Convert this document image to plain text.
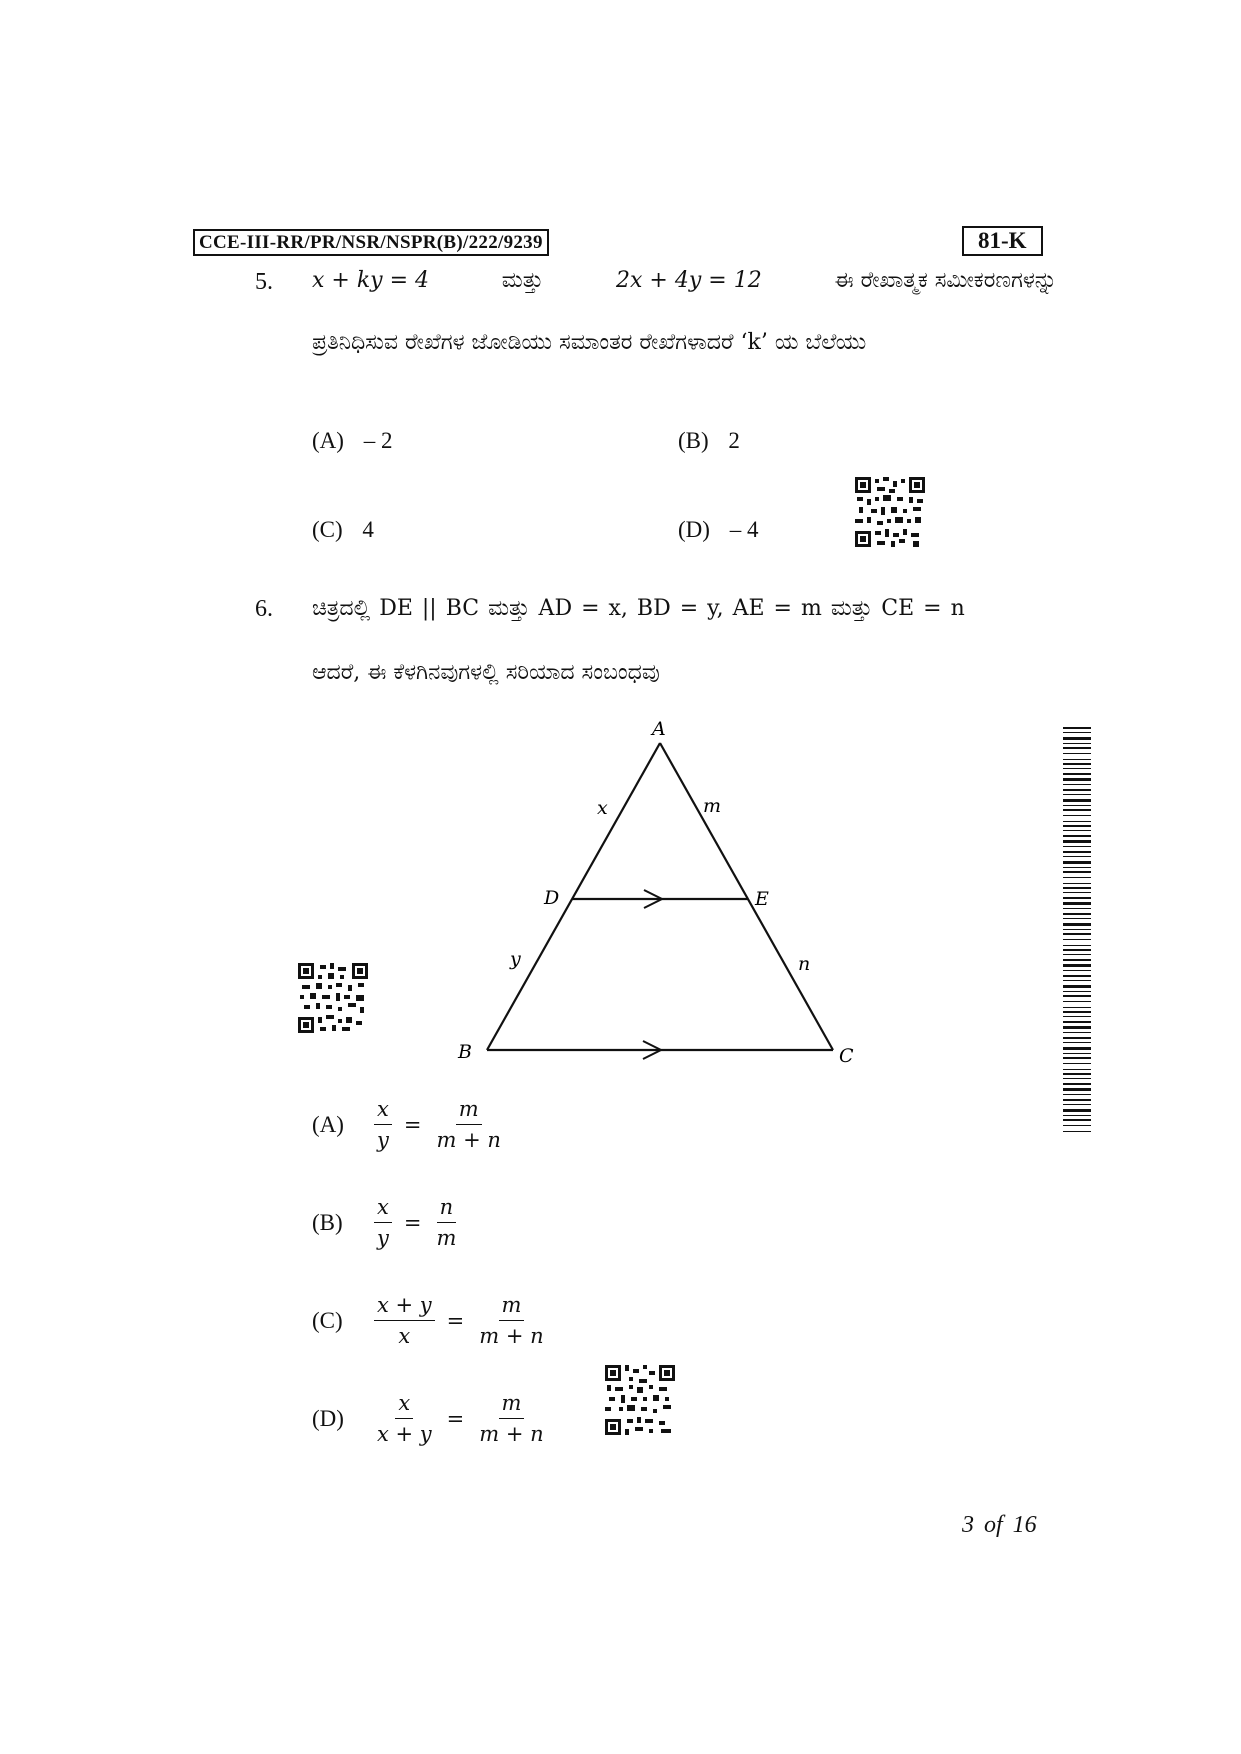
CCE-III-RR/PR/NSR/NSPR(B)/222/9239	81-K
5. x + ky = 4	ಮತ್ತು	2x + 4y = 12	ಈ ರೇಖಾತ್ಮಕ ಸಮೀಕರಣಗಳನ್ನು
ಪ್ರತಿನಿಧಿಸುವ ರೇಖೆಗಳ ಜೋಡಿಯು ಸಮಾಂತರ ರೇಖೆಗಳಾದರೆ ‘k’ ಯ ಬೆಲೆಯು
(A) – 2	(B) 2
(C) 4	(D) – 4
6. ಚಿತ್ರದಲ್ಲಿ DE || BC ಮತ್ತು AD = x, BD = y, AE = m ಮತ್ತು CE = n
ಆದರೆ, ಈ ಕೆಳಗಿನವುಗಳಲ್ಲಿ ಸರಿಯಾದ ಸಂಬಂಧವು
A
B	C
D	E
x	m
y	n
(A)	$\frac{x}{y} = \frac{m}{m + n}$
(B)	$\frac{x}{y} = \frac{n}{m}$
(C)	$\frac{x + y}{x} = \frac{m}{m + n}$
(D)	$\frac{x}{x + y} = \frac{m}{m + n}$
3 of 16
